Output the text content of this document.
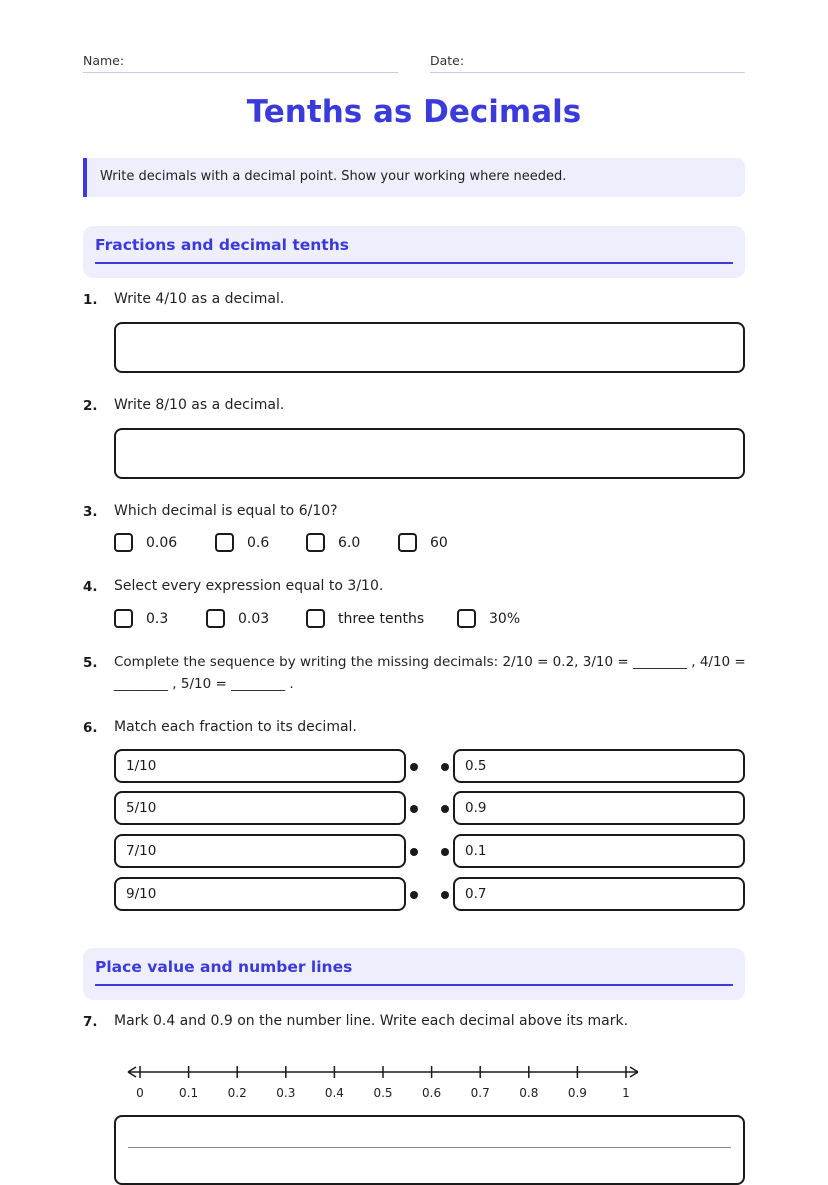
Name:	Date:
Tenths as Decimals
Write decimals with a decimal point. Show your working where needed.
Fractions and decimal tenths
1. Write 4/10 as a decimal.
2. Write 8/10 as a decimal.
3. Which decimal is equal to 6/10?
0.06	0.6	6.0	60
4. Select every expression equal to 3/10.
0.3	0.03	three tenths	30%
5. Complete the sequence by writing the missing decimals: 2/10 = 0.2, 3/10 = ________ , 4/10 =
________ , 5/10 = ________ .
6. Match each fraction to its decimal.
1/10	0.5
5/10	0.9
7/10	0.1
9/10	0.7
Place value and number lines
7. Mark 0.4 and 0.9 on the number line. Write each decimal above its mark.
0	0.1	0.2	0.3	0.4	0.5	0.6	0.7	0.8	0.9	1
